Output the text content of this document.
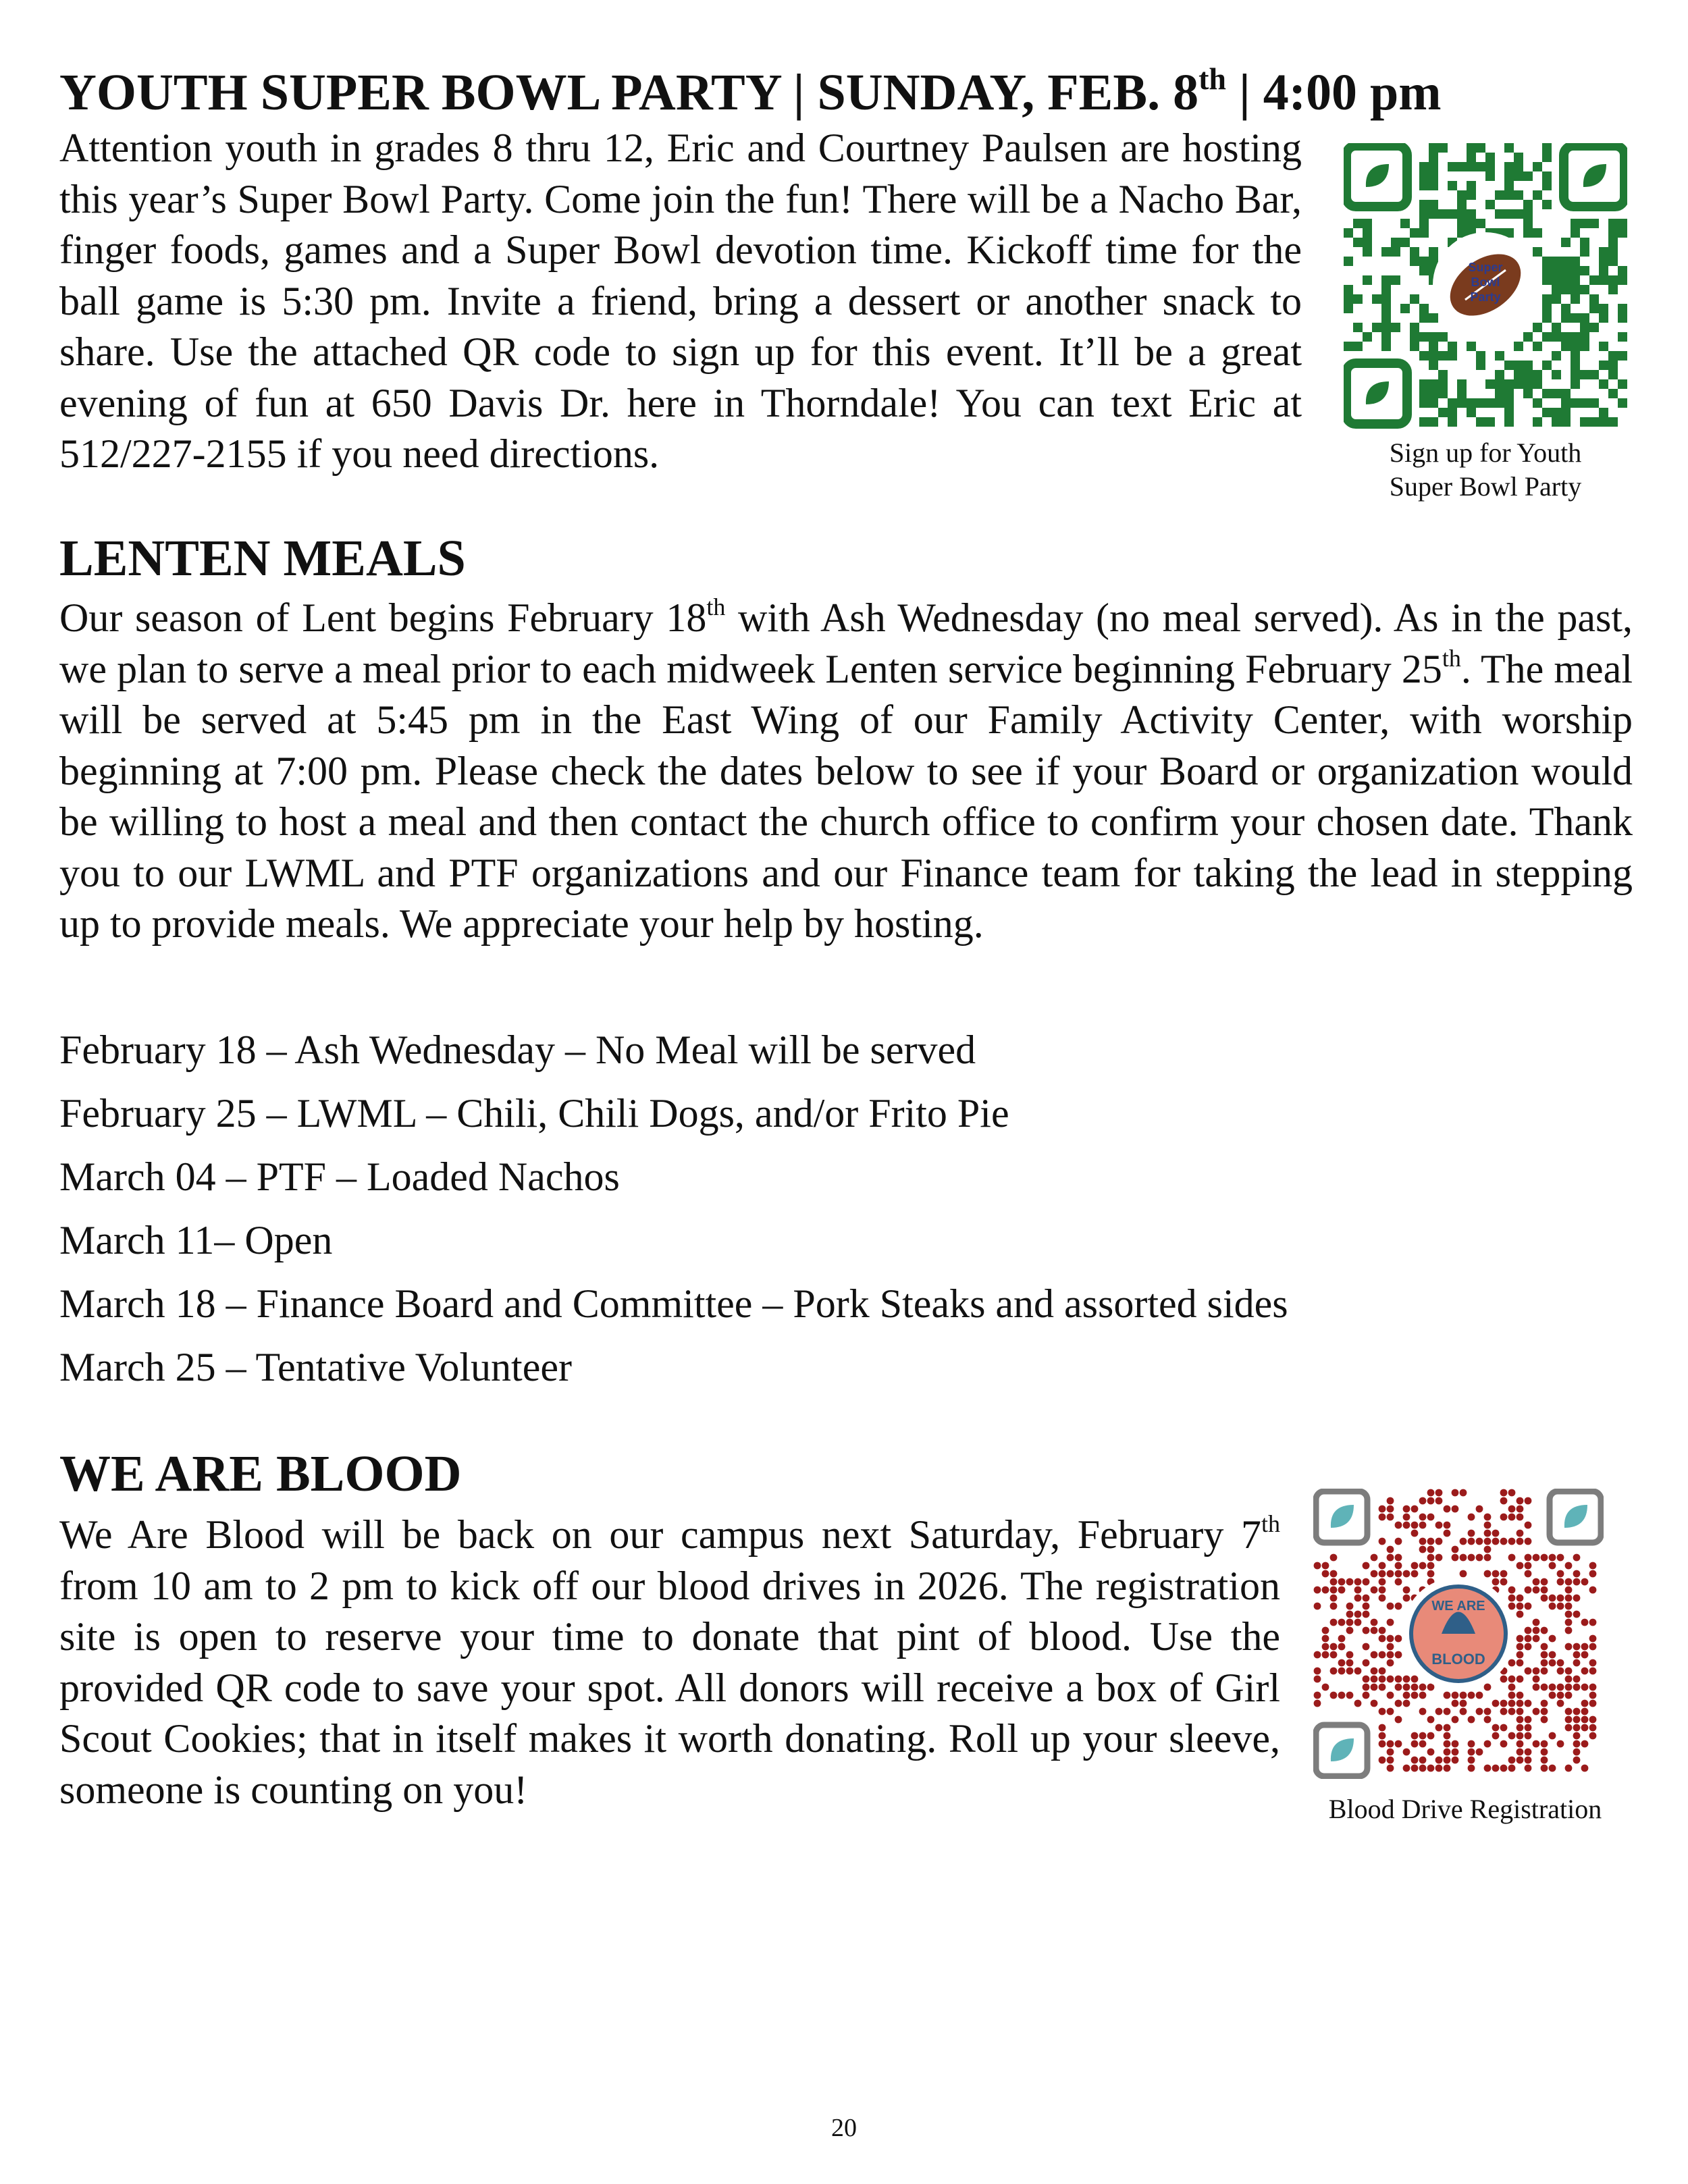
YOUTH SUPER BOWL PARTY | SUNDAY, FEB. 8th | 4:00 pm

Attention youth in grades 8 thru 12, Eric and Courtney Paulsen are hosting this year’s Super Bowl Party. Come join the fun! There will be a Nacho Bar, finger foods, games and a Super Bowl devotion time. Kickoff time for the ball game is 5:30 pm. Invite a friend, bring a dessert or another snack to share. Use the attached QR code to sign up for this event. It’ll be a great evening of fun at 650 Davis Dr. here in Thorndale! You can text Eric at 512/227-2155 if you need directions.

Super
Bowl
Party
Sign up for Youth
Super Bowl Party
LENTEN MEALS

Our season of Lent begins February 18th with Ash Wednesday (no meal served). As in the past, we plan to serve a meal prior to each midweek Lenten service beginning February 25th. The meal will be served at 5:45 pm in the East Wing of our Family Activity Center, with worship beginning at 7:00 pm. Please check the dates below to see if your Board or organization would be willing to host a meal and then contact the church office to confirm your chosen date. Thank you to our LWML and PTF organizations and our Finance team for taking the lead in stepping up to provide meals. We appreciate your help by hosting.

February 18 – Ash Wednesday – No Meal will be served
February 25 – LWML – Chili, Chili Dogs, and/or Frito Pie
March 04 – PTF – Loaded Nachos
March 11– Open
March 18 – Finance Board and Committee – Pork Steaks and assorted sides
March 25 – Tentative Volunteer
WE ARE BLOOD

We Are Blood will be back on our campus next Saturday, February 7th from 10 am to 2 pm to kick off our blood drives in 2026. The registration site is open to reserve your time to donate that pint of blood. Use the provided QR code to save your spot. All donors will receive a box of Girl Scout Cookies; that in itself makes it worth donating. Roll up your sleeve, someone is counting on you!

WE ARE
BLOOD
Blood Drive Registration
20
